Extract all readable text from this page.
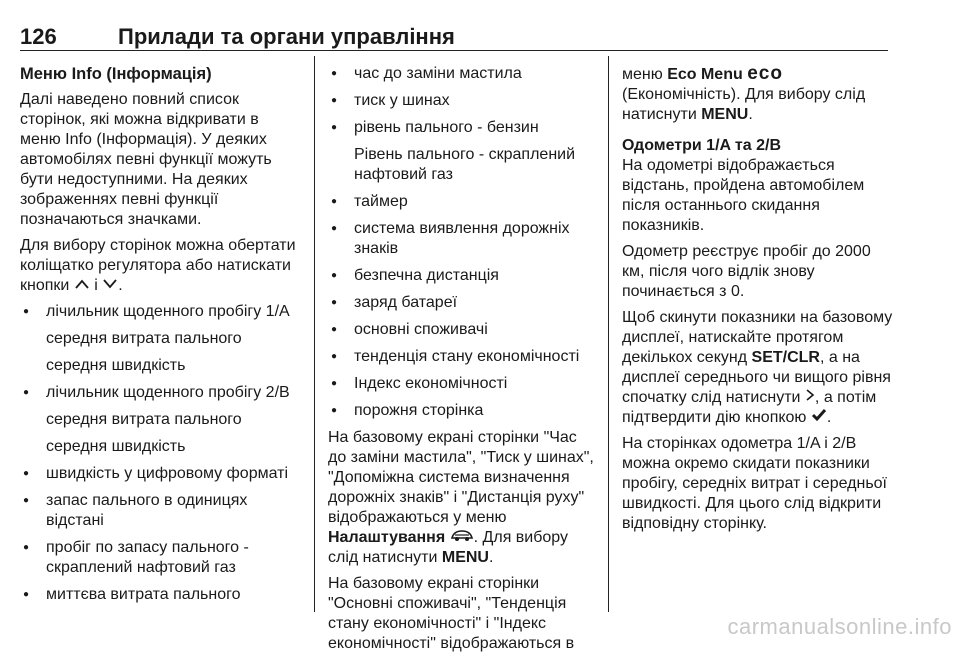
126	Прилади та органи управління
Меню Info (Інформація)
Далі наведено повний список сторінок, які можна відкривати в меню Info (Інформація). У деяких автомобілях певні функції можуть бути недоступними. На деяких зображеннях певні функції позначаються значками.
Для вибору сторінок можна обертати коліщатко регулятора або натискати кнопки і .
● лічильник щоденного пробігу 1/A
середня витрата пального
середня швидкість
● лічильник щоденного пробігу 2/B
середня витрата пального
середня швидкість
● швидкість у цифровому форматі
● запас пального в одиницях відстані
● пробіг по запасу пального - скраплений нафтовий газ
● миттєва витрата пального
● час до заміни мастила
● тиск у шинах
● рівень пального - бензин
Рівень пального - скраплений нафтовий газ
● таймер
● система виявлення дорожніх знаків
● безпечна дистанція
● заряд батареї
● основні споживачі
● тенденція стану економічності
● Індекс економічності
● порожня сторінка
На базовому екрані сторінки "Час до заміни мастила", "Тиск у шинах", "Допоміжна система визначення дорожніх знаків" і "Дистанція руху" відображаються у меню Налаштування . Для вибору слід натиснути MENU.
На базовому екрані сторінки "Основні споживачі", "Тенденція стану економічності" і "Індекс економічності" відображаються в
меню Eco Menu eco (Економічність). Для вибору слід натиснути MENU.
Одометри 1/A та 2/B
На одометрі відображається відстань, пройдена автомобілем після останнього скидання показників.
Одометр реєструє пробіг до 2000 км, після чого відлік знову починається з 0.
Щоб скинути показники на базовому дисплеї, натискайте протягом декількох секунд SET/CLR, а на дисплеї середнього чи вищого рівня спочатку слід натиснути , а потім підтвердити дію кнопкою .
На сторінках одометра 1/A і 2/B можна окремо скидати показники пробігу, середніх витрат і середньої швидкості. Для цього слід відкрити відповідну сторінку.
carmanualsonline.info
